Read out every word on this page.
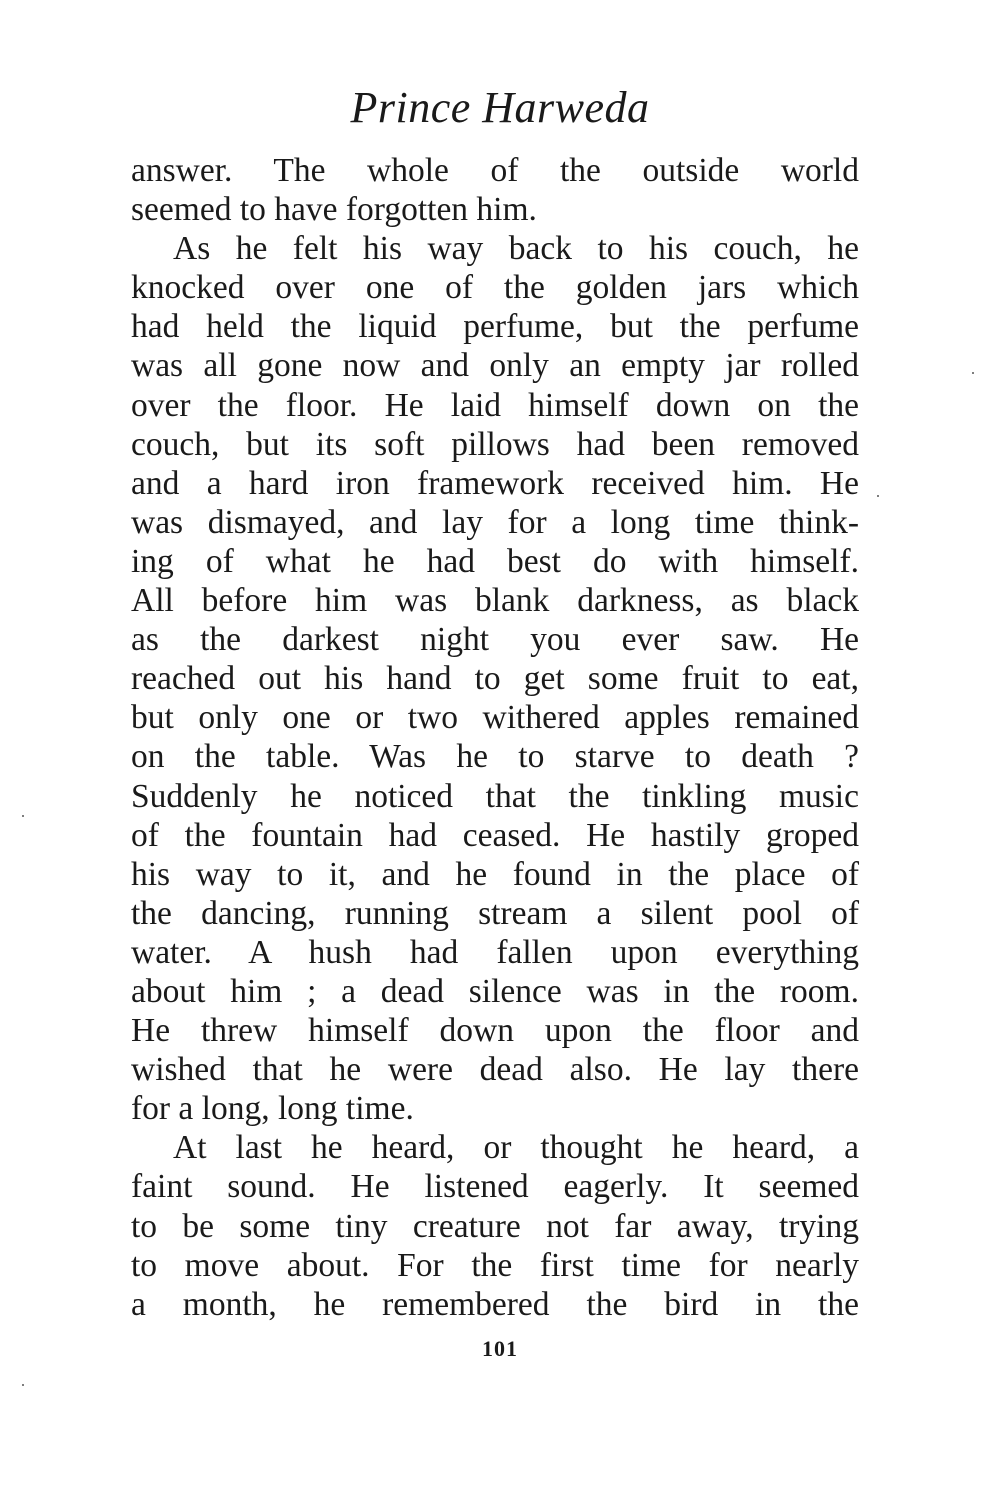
Prince Harweda
answer. The whole of the outside world
seemed to have forgotten him.
As he felt his way back to his couch, he
knocked over one of the golden jars which
had held the liquid perfume, but the perfume
was all gone now and only an empty jar rolled
over the floor. He laid himself down on the
couch, but its soft pillows had been removed
and a hard iron framework received him. He
was dismayed, and lay for a long time think-
ing of what he had best do with himself.
All before him was blank darkness, as black
as the darkest night you ever saw. He
reached out his hand to get some fruit to eat,
but only one or two withered apples remained
on the table. Was he to starve to death ?
Suddenly he noticed that the tinkling music
of the fountain had ceased. He hastily groped
his way to it, and he found in the place of
the dancing, running stream a silent pool of
water. A hush had fallen upon everything
about him ; a dead silence was in the room.
He threw himself down upon the floor and
wished that he were dead also. He lay there
for a long, long time.
At last he heard, or thought he heard, a
faint sound. He listened eagerly. It seemed
to be some tiny creature not far away, trying
to move about. For the first time for nearly
a month, he remembered the bird in the
101
